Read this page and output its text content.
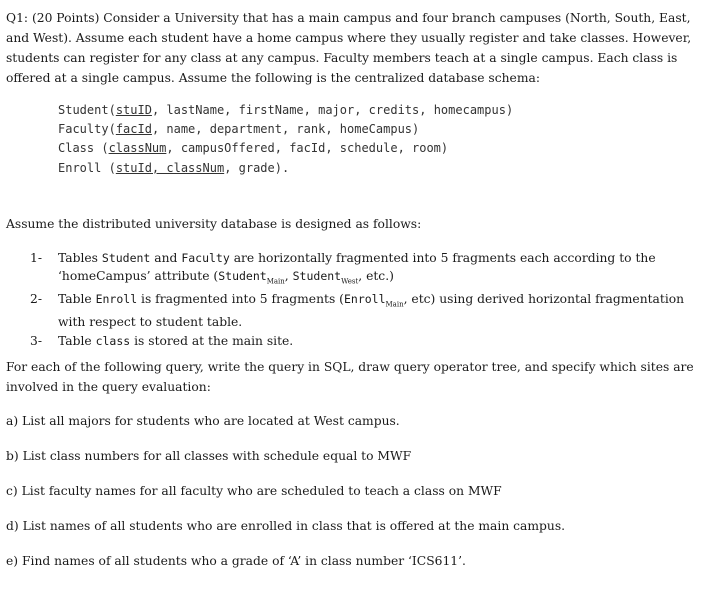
Q1: (20 Points) Consider a University that has a main campus and four branch campuses (North, South, East, and West). Assume each student have a home campus where they usually register and take classes. However, students can register for any class at any campus. Faculty members teach at a single campus. Each class is offered at a single campus. Assume the following is the centralized database schema:

Student(stuID, lastName, firstName, major, credits, homecampus)
Faculty(facId, name, department, rank, homeCampus)
Class (classNum, campusOffered, facId, schedule, room)
Enroll (stuId, classNum, grade).

Assume the distributed university database is designed as follows:

1- Tables Student and Faculty are horizontally fragmented into 5 fragments each according to the ‘homeCampus’ attribute (Student$_{Main}$, Student$_{West}$, etc.)
2- Table Enroll is fragmented into 5 fragments (Enroll$_{Main}$, etc) using derived horizontal fragmentation with respect to student table.
3- Table class is stored at the main site.

For each of the following query, write the query in SQL, draw query operator tree, and specify which sites are involved in the query evaluation:

a) List all majors for students who are located at West campus.

b) List class numbers for all classes with schedule equal to MWF

c) List faculty names for all faculty who are scheduled to teach a class on MWF

d) List names of all students who are enrolled in class that is offered at the main campus.

e) Find names of all students who a grade of ‘A’ in class number ‘ICS611’.
